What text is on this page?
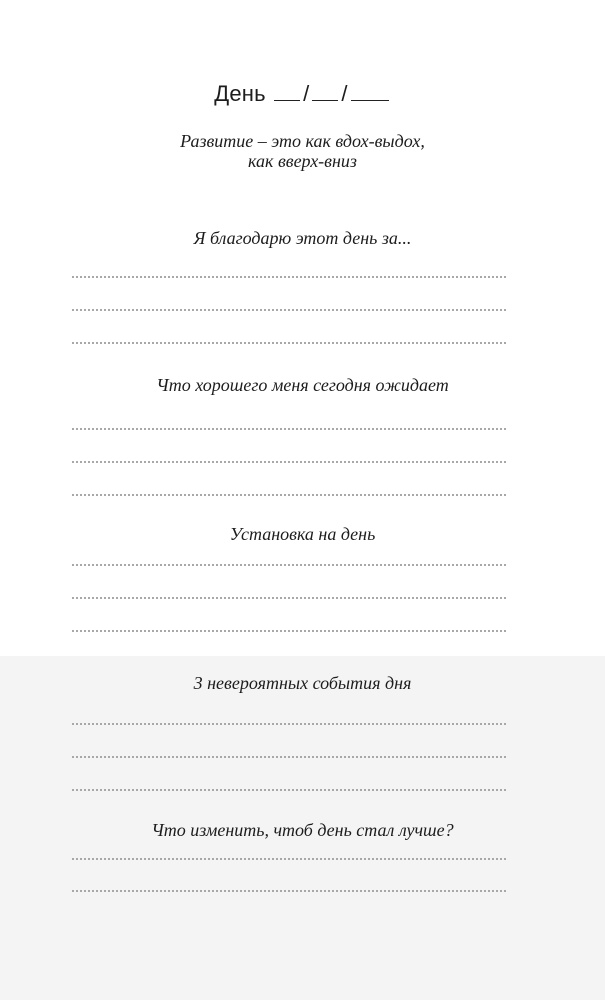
День / /
Развитие – это как вдох-выдох,
как вверх-вниз
Я благодарю этот день за...
Что хорошего меня сегодня ожидает
Установка на день
3 невероятных события дня
Что изменить, чтоб день стал лучше?
